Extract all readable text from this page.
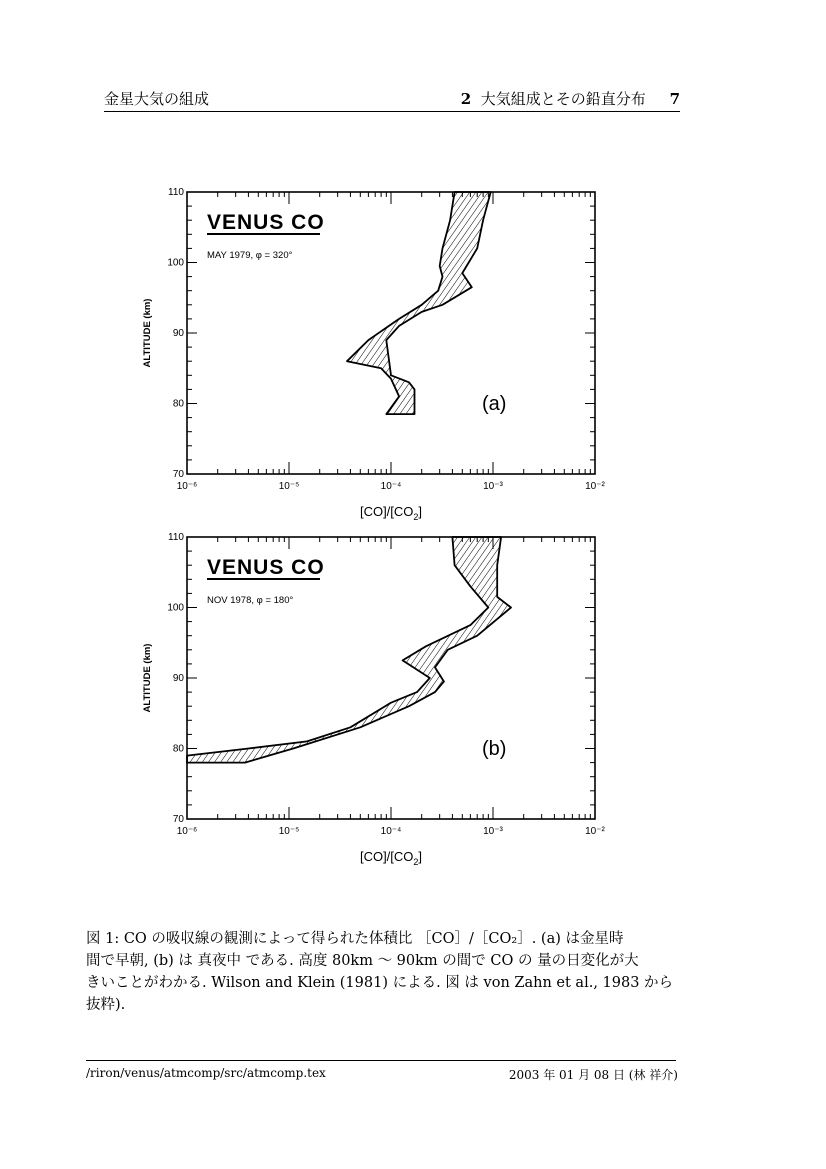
金星大気の組成	2 大気組成とその鉛直分布 7
70
80
90
100
110
10⁻⁶	10⁻⁵	10⁻⁴	10⁻³	10⁻²
VENUS CO
MAY 1979, φ = 320°
(a)
ALTITUDE (km)
$[CO]/[CO_2]$
70
80
90
100
110
10⁻⁶	10⁻⁵	10⁻⁴	10⁻³	10⁻²
VENUS CO
NOV 1978, φ = 180°
(b)
ALTITUDE (km)
$[CO]/[CO_2]$
図 1: CO の吸収線の観測によって得られた体積比 ［CO］/［CO₂］. (a) は金星時
間で早朝, (b) は 真夜中 である. 高度 80km ～ 90km の間で CO の 量の日変化が大
きいことがわかる. Wilson and Klein (1981) による. 図 は von Zahn et al., 1983 から
抜粋).
/riron/venus/atmcomp/src/atmcomp.tex	2003 年 01 月 08 日 (林 祥介)
